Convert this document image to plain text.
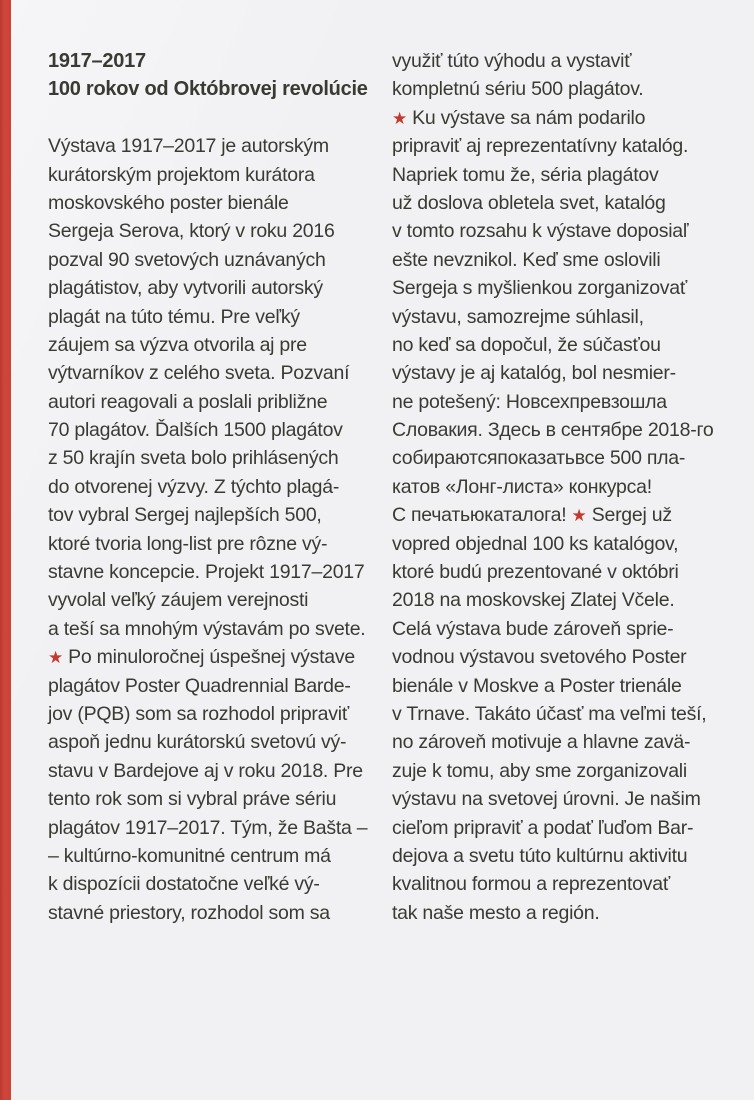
1917–2017
100 rokov od Októbrovej revolúcie
Výstava 1917–2017 je autorským
kurátorským projektom kurátora
moskovského poster bienále
Sergeja Serova, ktorý v roku 2016
pozval 90 svetových uznávaných
plagátistov, aby vytvorili autorský
plagát na túto tému. Pre veľký
záujem sa výzva otvorila aj pre
výtvarníkov z celého sveta. Pozvaní
autori reagovali a poslali približne
70 plagátov. Ďalších 1500 plagátov
z 50 krajín sveta bolo prihlásených
do otvorenej výzvy. Z týchto plagá-
tov vybral Sergej najlepších 500,
ktoré tvoria long-list pre rôzne vý-
stavne koncepcie. Projekt 1917–2017
vyvolal veľký záujem verejnosti
a teší sa mnohým výstavám po svete.
★ Po minuloročnej úspešnej výstave
plagátov Poster Quadrennial Barde-
jov (PQB) som sa rozhodol pripraviť
aspoň jednu kurátorskú svetovú vý-
stavu v Bardejove aj v roku 2018. Pre
tento rok som si vybral práve sériu
plagátov 1917–2017. Tým, že Bašta –
– kultúrno-komunitné centrum má
k dispozícii dostatočne veľké vý-
stavné priestory, rozhodol som sa
využiť túto výhodu a vystaviť
kompletnú sériu 500 plagátov.
★ Ku výstave sa nám podarilo
pripraviť aj reprezentatívny katalóg.
Napriek tomu že, séria plagátov
už doslova obletela svet, katalóg
v tomto rozsahu k výstave doposiaľ
ešte nevznikol. Keď sme oslovili
Sergeja s myšlienkou zorganizovať
výstavu, samozrejme súhlasil,
no keď sa dopočul, že súčasťou
výstavy je aj katalóg, bol nesmier-
ne potešený: Новсехпревзошла
Словакия. Здесь в сентябре 2018-го
собираютсяпоказатьвсе 500 пла-
катов «Лонг-листа» конкурса!
С печатьюкаталога! ★ Sergej už
vopred objednal 100 ks katalógov,
ktoré budú prezentované v októbri
2018 na moskovskej Zlatej Včele.
Celá výstava bude zároveň sprie-
vodnou výstavou svetového Poster
bienále v Moskve a Poster trienále
v Trnave. Takáto účasť ma veľmi teší,
no zároveň motivuje a hlavne zavä-
zuje k tomu, aby sme zorganizovali
výstavu na svetovej úrovni. Je našim
cieľom pripraviť a podať ľuďom Bar-
dejova a svetu túto kultúrnu aktivitu
kvalitnou formou a reprezentovať
tak naše mesto a región.
